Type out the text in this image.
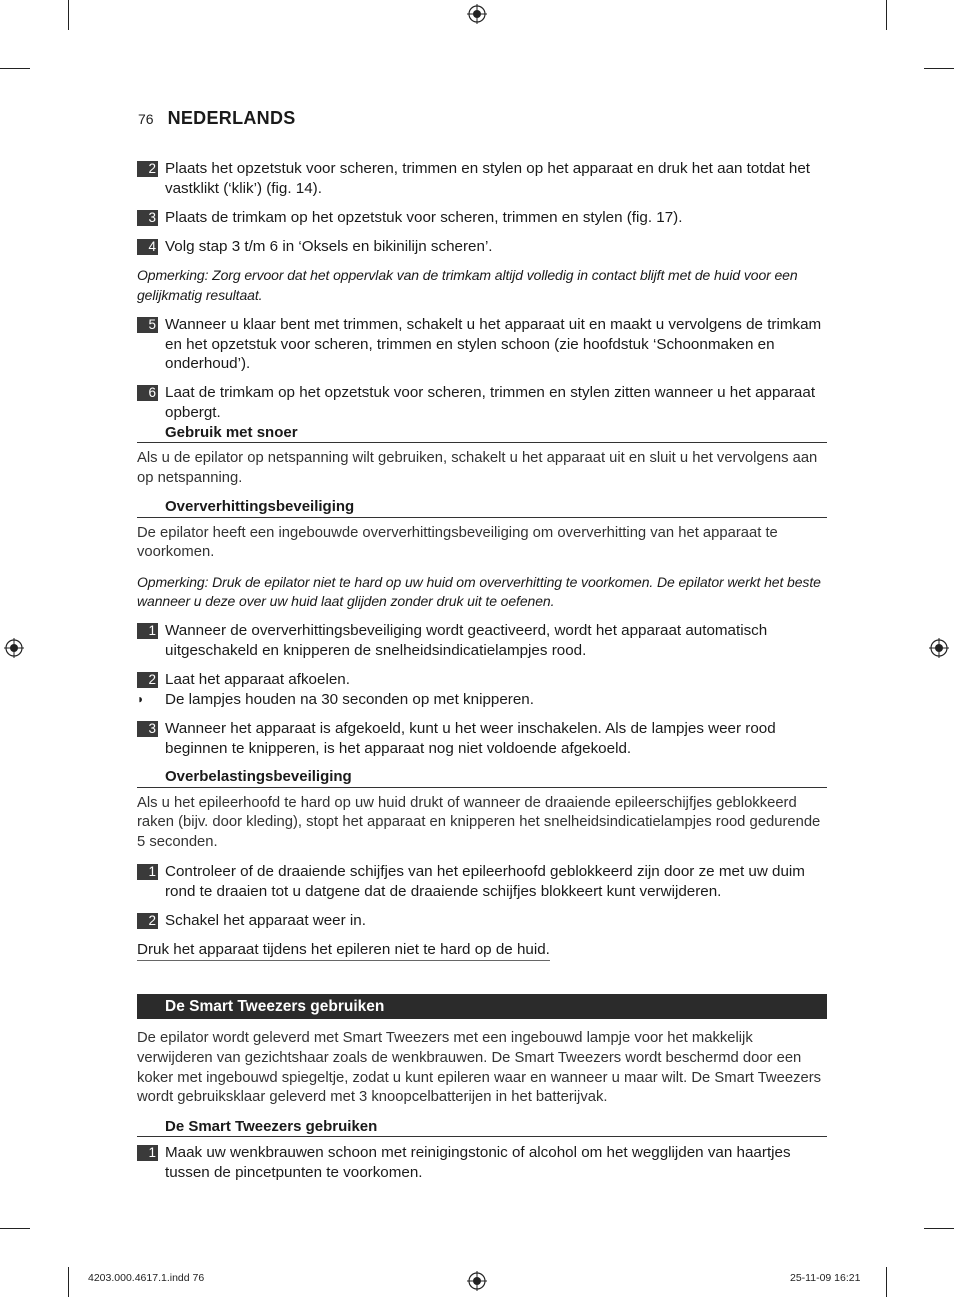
76 NEDERLANDS
2 Plaats het opzetstuk voor scheren, trimmen en stylen op het apparaat en druk het aan totdat het vastklikt (‘klik’) (fig. 14).
3 Plaats de trimkam op het opzetstuk voor scheren, trimmen en stylen (fig. 17).
4 Volg stap 3 t/m 6 in ‘Oksels en bikinilijn scheren’.
Opmerking: Zorg ervoor dat het oppervlak van de trimkam altijd volledig in contact blijft met de huid voor een gelijkmatig resultaat.
5 Wanneer u klaar bent met trimmen, schakelt u het apparaat uit en maakt u vervolgens de trimkam en het opzetstuk voor scheren, trimmen en stylen schoon (zie hoofdstuk ‘Schoonmaken en onderhoud’).
6 Laat de trimkam op het opzetstuk voor scheren, trimmen en stylen zitten wanneer u het apparaat opbergt.
Gebruik met snoer
Als u de epilator op netspanning wilt gebruiken, schakelt u het apparaat uit en sluit u het vervolgens aan op netspanning.
Oververhittingsbeveiliging
De epilator heeft een ingebouwde oververhittingsbeveiliging om oververhitting van het apparaat te voorkomen.
Opmerking: Druk de epilator niet te hard op uw huid om oververhitting te voorkomen. De epilator werkt het beste wanneer u deze over uw huid laat glijden zonder druk uit te oefenen.
1 Wanneer de oververhittingsbeveiliging wordt geactiveerd, wordt het apparaat automatisch uitgeschakeld en knipperen de snelheidsindicatielampjes rood.
2 Laat het apparaat afkoelen.
◗ De lampjes houden na 30 seconden op met knipperen.
3 Wanneer het apparaat is afgekoeld, kunt u het weer inschakelen. Als de lampjes weer rood beginnen te knipperen, is het apparaat nog niet voldoende afgekoeld.
Overbelastingsbeveiliging
Als u het epileerhoofd te hard op uw huid drukt of wanneer de draaiende epileerschijfjes geblokkeerd raken (bijv. door kleding), stopt het apparaat en knipperen het snelheidsindicatielampjes rood gedurende 5 seconden.
1 Controleer of de draaiende schijfjes van het epileerhoofd geblokkeerd zijn door ze met uw duim rond te draaien tot u datgene dat de draaiende schijfjes blokkeert kunt verwijderen.
2 Schakel het apparaat weer in.
Druk het apparaat tijdens het epileren niet te hard op de huid.
De Smart Tweezers gebruiken
De epilator wordt geleverd met Smart Tweezers met een ingebouwd lampje voor het makkelijk verwijderen van gezichtshaar zoals de wenkbrauwen. De Smart Tweezers wordt beschermd door een koker met ingebouwd spiegeltje, zodat u kunt epileren waar en wanneer u maar wilt. De Smart Tweezers wordt gebruiksklaar geleverd met 3 knoopcelbatterijen in het batterijvak.
De Smart Tweezers gebruiken
1 Maak uw wenkbrauwen schoon met reinigingstonic of alcohol om het wegglijden van haartjes tussen de pincetpunten te voorkomen.
4203.000.4617.1.indd 76	25-11-09 16:21
